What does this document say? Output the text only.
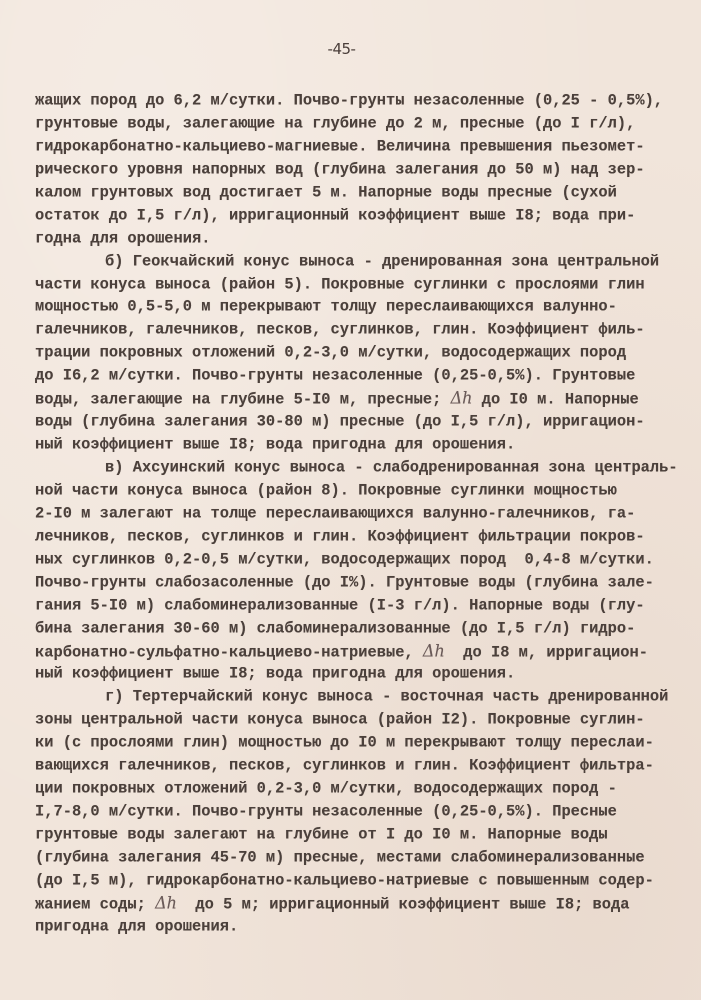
-45-
жащих пород до 6,2 м/сутки. Почво-грунты незасоленные (0,25 - 0,5%),
грунтовые воды, залегающие на глубине до 2 м, пресные (до I г/л),
гидрокарбонатно-кальциево-магниевые. Величина превышения пьезомет-
рического уровня напорных вод (глубина залегания до 50 м) над зер-
калом грунтовых вод достигает 5 м. Напорные воды пресные (сухой
остаток до I,5 г/л), ирригационный коэффициент выше I8; вода при-
годна для орошения.
б) Геокчайский конус выноса - дренированная зона центральной
части конуса выноса (район 5). Покровные суглинки с прослоями глин
мощностью 0,5-5,0 м перекрывают толщу переслаивающихся валунно-
галечников, галечников, песков, суглинков, глин. Коэффициент филь-
трации покровных отложений 0,2-3,0 м/сутки, водосодержащих пород
до I6,2 м/сутки. Почво-грунты незасоленные (0,25-0,5%). Грунтовые
воды, залегающие на глубине 5-I0 м, пресные; Δh до I0 м. Напорные
воды (глубина залегания 30-80 м) пресные (до I,5 г/л), ирригацион-
ный коэффициент выше I8; вода пригодна для орошения.
в) Ахсуинский конус выноса - слабодренированная зона централь-
ной части конуса выноса (район 8). Покровные суглинки мощностью
2-I0 м залегают на толще переслаивающихся валунно-галечников, га-
лечников, песков, суглинков и глин. Коэффициент фильтрации покров-
ных суглинков 0,2-0,5 м/сутки, водосодержащих пород  0,4-8 м/сутки.
Почво-грунты слабозасоленные (до I%). Грунтовые воды (глубина зале-
гания 5-I0 м) слабоминерализованные (I-3 г/л). Напорные воды (глу-
бина залегания 30-60 м) слабоминерализованные (до I,5 г/л) гидро-
карбонатно-сульфатно-кальциево-натриевые, Δh  до I8 м, ирригацион-
ный коэффициент выше I8; вода пригодна для орошения.
г) Тертерчайский конус выноса - восточная часть дренированной
зоны центральной части конуса выноса (район I2). Покровные суглин-
ки (с прослоями глин) мощностью до I0 м перекрывают толщу переслаи-
вающихся галечников, песков, суглинков и глин. Коэффициент фильтра-
ции покровных отложений 0,2-3,0 м/сутки, водосодержащих пород -
I,7-8,0 м/сутки. Почво-грунты незасоленные (0,25-0,5%). Пресные
грунтовые воды залегают на глубине от I до I0 м. Напорные воды
(глубина залегания 45-70 м) пресные, местами слабоминерализованные
(до I,5 м), гидрокарбонатно-кальциево-натриевые с повышенным содер-
жанием соды; Δh  до 5 м; ирригационный коэффициент выше I8; вода
пригодна для орошения.
